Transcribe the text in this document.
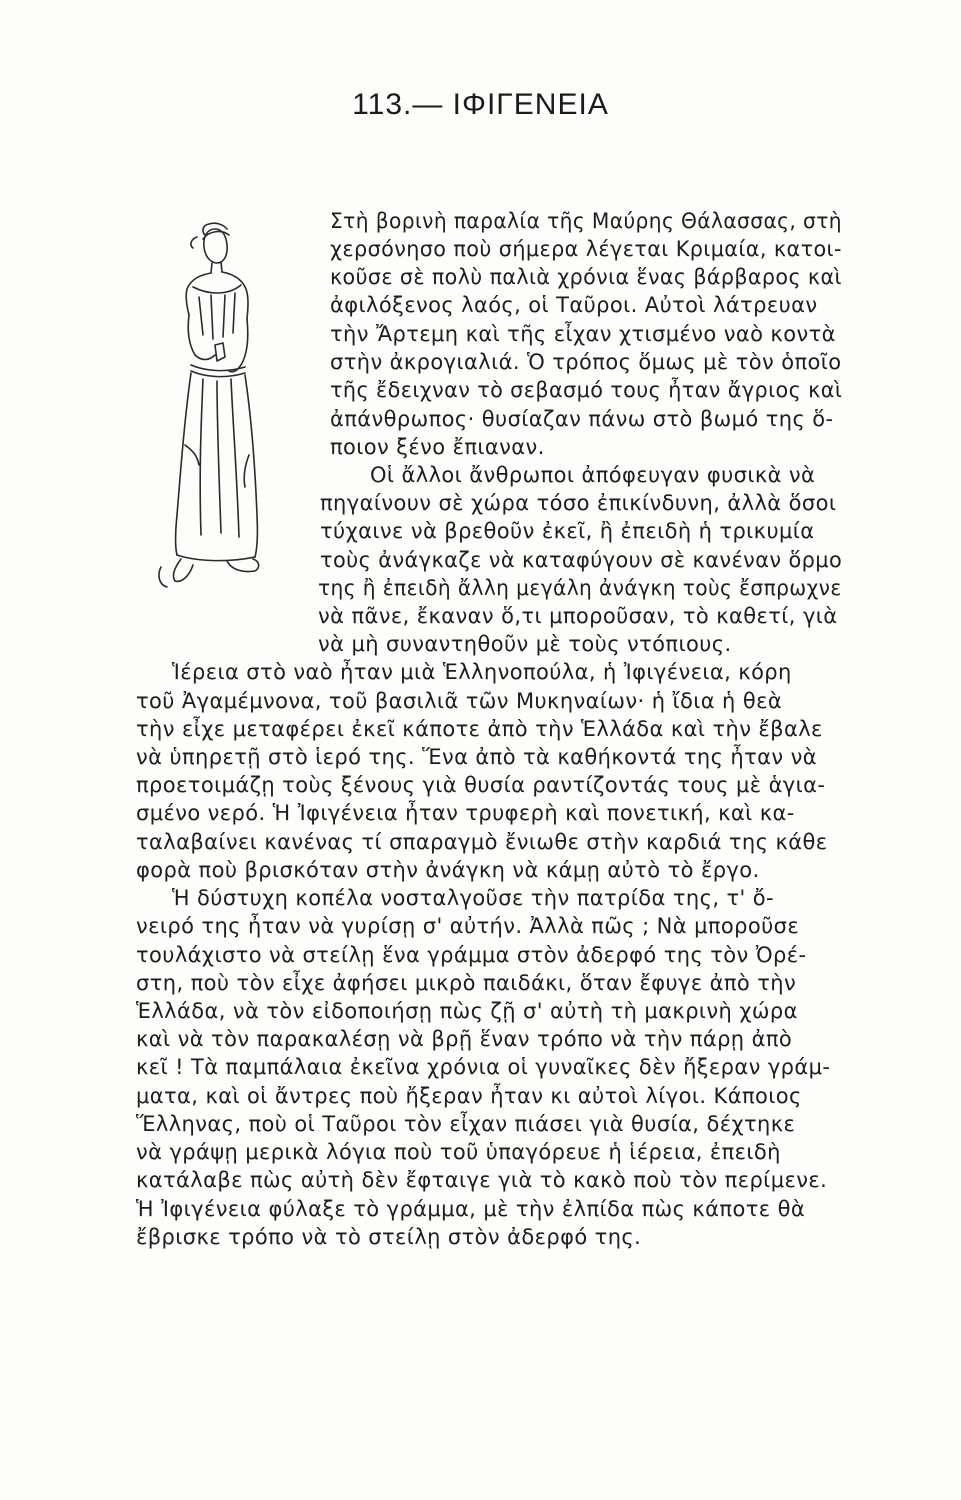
113.— ΙΦΙΓΕΝΕΙΑ
Στὴ βορινὴ παραλία τῆς Μαύρης Θάλασσας, στὴ
χερσόνησο ποὺ σήμερα λέγεται Κριμαία, κατοι-
κοῦσε σὲ πολὺ παλιὰ χρόνια ἕνας βάρβαρος καὶ
ἀφιλόξενος λαός, οἱ Ταῦροι. Αὐτοὶ λάτρευαν
τὴν Ἄρτεμη καὶ τῆς εἶχαν χτισμένο ναὸ κοντὰ
στὴν ἀκρογιαλιά. Ὁ τρόπος ὅμως μὲ τὸν ὁποῖο
τῆς ἔδειχναν τὸ σεβασμό τους ἦταν ἄγριος καὶ
ἀπάνθρωπος· θυσίαζαν πάνω στὸ βωμό της ὅ-
ποιον ξένο ἔπιαναν.
Οἱ ἄλλοι ἄνθρωποι ἀπόφευγαν φυσικὰ νὰ
πηγαίνουν σὲ χώρα τόσο ἐπικίνδυνη, ἀλλὰ ὅσοι
τύχαινε νὰ βρεθοῦν ἐκεῖ, ἢ ἐπειδὴ ἡ τρικυμία
τοὺς ἀνάγκαζε νὰ καταφύγουν σὲ κανέναν ὅρμο
της ἢ ἐπειδὴ ἄλλη μεγάλη ἀνάγκη τοὺς ἔσπρωχνε
νὰ πᾶνε, ἔκαναν ὅ,τι μποροῦσαν, τὸ καθετί, γιὰ
νὰ μὴ συναντηθοῦν μὲ τοὺς ντόπιους.
Ἱέρεια στὸ ναὸ ἦταν μιὰ Ἑλληνοπούλα, ἡ Ἰφιγένεια, κόρη
τοῦ Ἀγαμέμνονα, τοῦ βασιλιᾶ τῶν Μυκηναίων· ἡ ἴδια ἡ θεὰ
τὴν εἶχε μεταφέρει ἐκεῖ κάποτε ἀπὸ τὴν Ἑλλάδα καὶ τὴν ἔβαλε
νὰ ὑπηρετῇ στὸ ἱερό της. Ἕνα ἀπὸ τὰ καθήκοντά της ἦταν νὰ
προετοιμάζῃ τοὺς ξένους γιὰ θυσία ραντίζοντάς τους μὲ ἁγια-
σμένο νερό. Ἡ Ἰφιγένεια ἦταν τρυφερὴ καὶ πονετική, καὶ κα-
ταλαβαίνει κανένας τί σπαραγμὸ ἔνιωθε στὴν καρδιά της κάθε
φορὰ ποὺ βρισκόταν στὴν ἀνάγκη νὰ κάμῃ αὐτὸ τὸ ἔργο.
Ἡ δύστυχη κοπέλα νοσταλγοῦσε τὴν πατρίδα της, τ' ὄ-
νειρό της ἦταν νὰ γυρίσῃ σ' αὐτήν. Ἀλλὰ πῶς ; Νὰ μποροῦσε
τουλάχιστο νὰ στείλῃ ἕνα γράμμα στὸν ἀδερφό της τὸν Ὀρέ-
στη, ποὺ τὸν εἶχε ἀφήσει μικρὸ παιδάκι, ὅταν ἔφυγε ἀπὸ τὴν
Ἑλλάδα, νὰ τὸν εἰδοποιήσῃ πὼς ζῇ σ' αὐτὴ τὴ μακρινὴ χώρα
καὶ νὰ τὸν παρακαλέσῃ νὰ βρῇ ἕναν τρόπο νὰ τὴν πάρῃ ἀπὸ
κεῖ ! Τὰ παμπάλαια ἐκεῖνα χρόνια οἱ γυναῖκες δὲν ἤξεραν γράμ-
ματα, καὶ οἱ ἄντρες ποὺ ἤξεραν ἦταν κι αὐτοὶ λίγοι. Κάποιος
Ἕλληνας, ποὺ οἱ Ταῦροι τὸν εἶχαν πιάσει γιὰ θυσία, δέχτηκε
νὰ γράψῃ μερικὰ λόγια ποὺ τοῦ ὑπαγόρευε ἡ ἱέρεια, ἐπειδὴ
κατάλαβε πὼς αὐτὴ δὲν ἔφταιγε γιὰ τὸ κακὸ ποὺ τὸν περίμενε.
Ἡ Ἰφιγένεια φύλαξε τὸ γράμμα, μὲ τὴν ἐλπίδα πὼς κάποτε θὰ
ἔβρισκε τρόπο νὰ τὸ στείλῃ στὸν ἀδερφό της.
